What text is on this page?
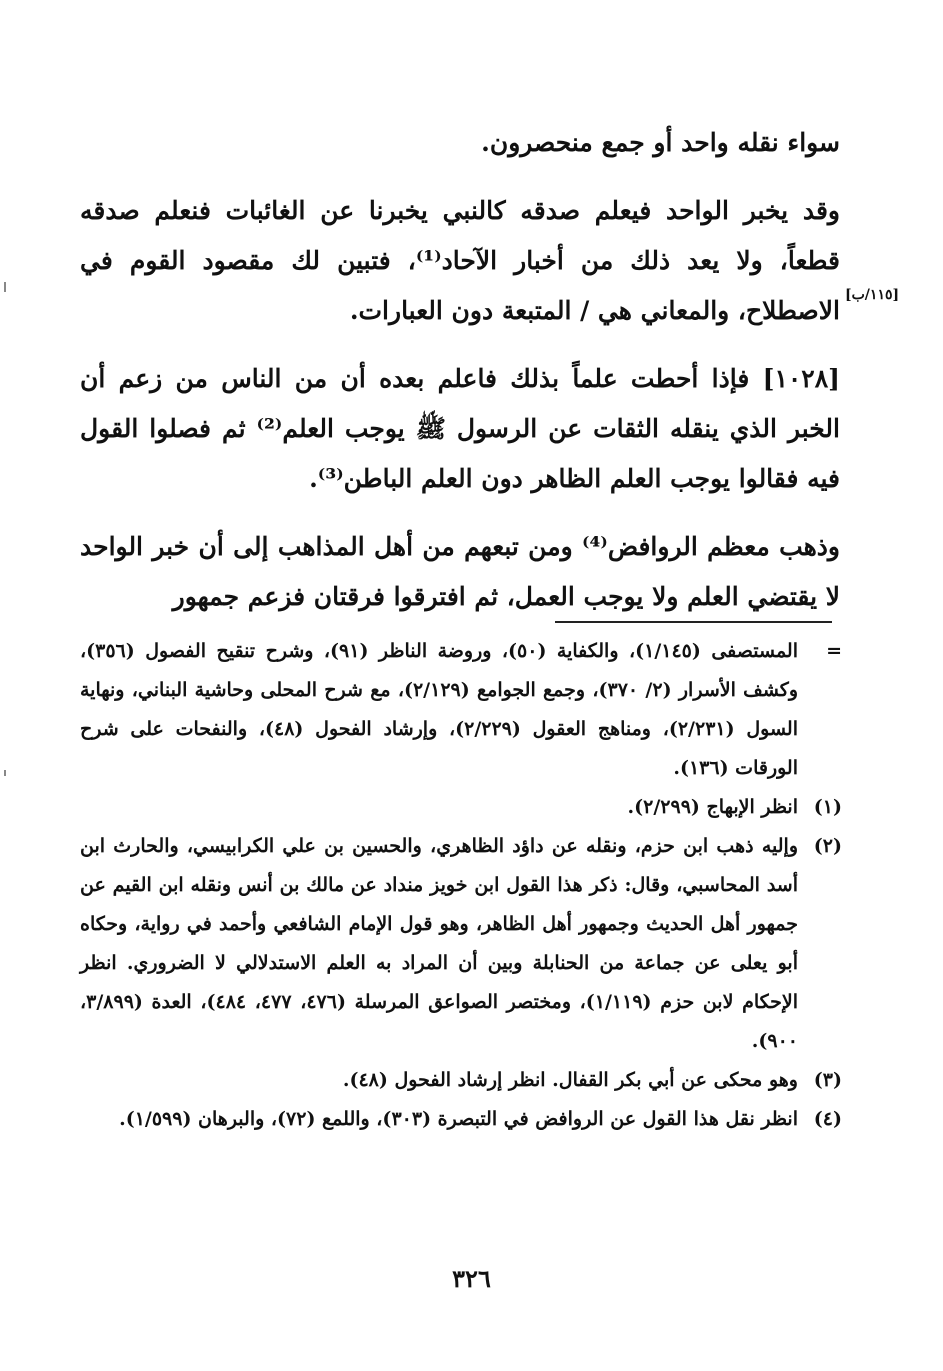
سواء نقله واحد أو جمع منحصرون.

وقد يخبر الواحد فيعلم صدقه كالنبي يخبرنا عن الغائبات فنعلم صدقه قطعاً، ولا يعد ذلك من أخبار الآحاد⁽¹⁾، فتبين لك مقصود القوم في الاصطلاح، والمعاني هي / المتبعة دون العبارات.

[١٠٢٨] فإذا أحطت علماً بذلك فاعلم بعده أن من الناس من زعم أن الخبر الذي ينقله الثقات عن الرسول ﷺ يوجب العلم⁽²⁾ ثم فصلوا القول فيه فقالوا يوجب العلم الظاهر دون العلم الباطن⁽³⁾.

وذهب معظم الروافض⁽⁴⁾ ومن تبعهم من أهل المذاهب إلى أن خبر الواحد لا يقتضي العلم ولا يوجب العمل، ثم افترقوا فرقتان فزعم جمهور

[١١٥/ب]
=
المستصفى (١/١٤٥)، والكفاية (٥٠)، وروضة الناظر (٩١)، وشرح تنقيح الفصول (٣٥٦)، وكشف الأسرار (٢/ ٣٧٠)، وجمع الجوامع (٢/١٢٩)، مع شرح المحلى وحاشية البناني، ونهاية السول (٢/٢٣١)، ومناهج العقول (٢/٢٢٩)، وإرشاد الفحول (٤٨)، والنفحات على شرح الورقات (١٣٦).
(١)
انظر الإبهاج (٢/٢٩٩).
(٢)
وإليه ذهب ابن حزم، ونقله عن داؤد الظاهري، والحسين بن علي الكرابيسي، والحارث ابن أسد المحاسبي، وقال: ذكر هذا القول ابن خويز منداد عن مالك بن أنس ونقله ابن القيم عن جمهور أهل الحديث وجمهور أهل الظاهر، وهو قول الإمام الشافعي وأحمد في رواية، وحكاه أبو يعلى عن جماعة من الحنابلة وبين أن المراد به العلم الاستدلالي لا الضروري. انظر الإحكام لابن حزم (١/١١٩)، ومختصر الصواعق المرسلة (٤٧٦، ٤٧٧، ٤٨٤)، العدة (٣/٨٩٩، ٩٠٠).
(٣)
وهو محكى عن أبي بكر القفال. انظر إرشاد الفحول (٤٨).
(٤)
انظر نقل هذا القول عن الروافض في التبصرة (٣٠٣)، واللمع (٧٢)، والبرهان (١/٥٩٩).
٣٢٦
